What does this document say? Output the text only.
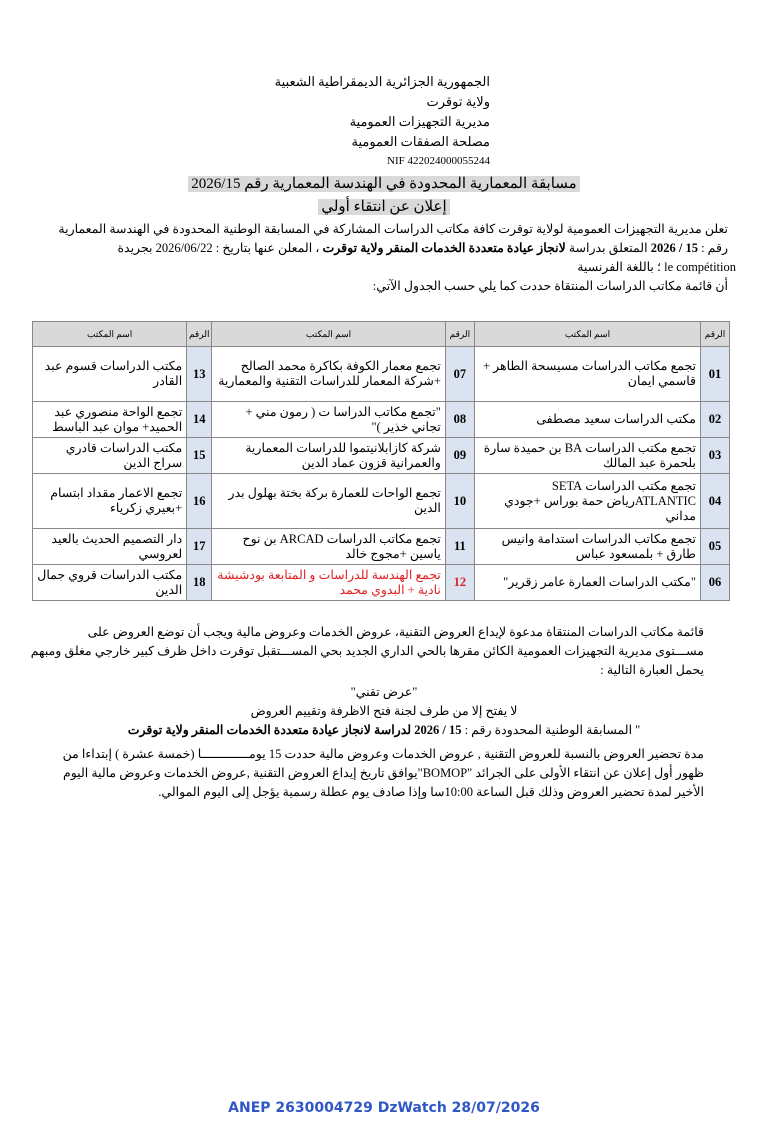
الجمهورية الجزائرية الديمقراطية الشعبية
ولاية توقرت
مديرية التجهيزات العمومية
مصلحة الصفقات العمومية
NIF 422024000055244
مسابقة المعمارية المحدودة في الهندسة المعمارية رقم 2026/15
إعلان عن انتقاء أولي
تعلن مديرية التجهيزات العمومية لولاية توقرت كافة مكاتب الدراسات المشاركة في المسابقة الوطنية المحدودة في الهندسة المعمارية
رقم : 15 / 2026 المتعلق بدراسة لانجاز عيادة متعددة الخدمات المنقر ولاية توقرت ، المعلن عنها بتاريخ : 2026/06/22 بجريدة
le compétition ؛ باللغة الفرنسية
أن قائمة مكاتب الدراسات المنتقاة حددت كما يلي حسب الجدول الآتي:
الرقم	اسم المكتب	الرقم	اسم المكتب	الرقم	اسم المكتب
01	تجمع مكاتب الدراسات مسيسحة الطاهر + قاسمي ايمان	07	تجمع معمار الكوفة بكاكرة محمد الصالح +شركة المعمار للدراسات التقنية والمعمارية	13	مكتب الدراسات قسوم عبد القادر
02	مكتب الدراسات سعيد مصطفى	08	"تجمع مكاتب الدراسا ت ( رمون مني + تجاني خذير )"	14	تجمع الواحة منصوري عبد الحميد+ موان عبد الباسط
03	تجمع مكتب الدراسات BA بن حميدة سارة بلحمرة عبد المالك	09	شركة كازابلانيتموا للدراسات المعمارية والعمرانية قزون عماد الدين	15	مكتب الدراسات قادري سراج الدين
04	تجمع مكتب الدراسات SETA ATLANTICرياض حمة بوراس +جودي مداني	10	تجمع الواحات للعمارة بركة بختة بهلول بدر الدين	16	تجمع الاعمار مقداد ابتسام +بعيري زكرياء
05	تجمع مكاتب الدراسات استدامة وانيس طارق + بلمسعود عباس	11	تجمع مكاتب الدراسات ARCAD بن نوح ياسين +مجوج خالد	17	دار التصميم الحديث بالعيد لعروسي
06	"مكتب الدراسات العمارة عامر زقرير"	12	تجمع الهندسة للدراسات و المتابعة بودشيشة نادية + البدوي محمد	18	مكتب الدراسات قروي جمال الدين
قائمة مكاتب الدراسات المنتقاة مدعوة لإيداع العروض التقنية، عروض الخدمات وعروض مالية ويجب أن توضع العروض على
مســـتوى مديرية التجهيزات العمومية الكائن مقرها بالحي الداري الجديد بحي المســـتقبل توقرت داخل ظرف كبير خارجي مغلق ومبهم
يحمل العبارة التالية :
"عرض تقني"
لا يفتح إلا من طرف لجنة فتح الاظرفة وتقييم العروض
" المسابقة الوطنية المحدودة رقم : 15 / 2026 لدراسة لانجاز عيادة متعددة الخدمات المنقر ولاية توقرت
مدة تحضير العروض بالنسبة للعروض التقنية , عروض الخدمات وعروض مالية حددت 15 يومـــــــــــــا (خمسة عشرة ) إبتداءا من
ظهور أول إعلان عن انتقاء الأولى على الجرائد "BOMOP"يوافق تاريخ إيداع العروض التقنية ,عروض الخدمات وعروض مالية اليوم
الأخير لمدة تحضير العروض وذلك قبل الساعة 10:00سا وإذا صادف يوم عطلة رسمية يؤجل إلى اليوم الموالي.
ANEP 2630004729 DzWatch 28/07/2026
